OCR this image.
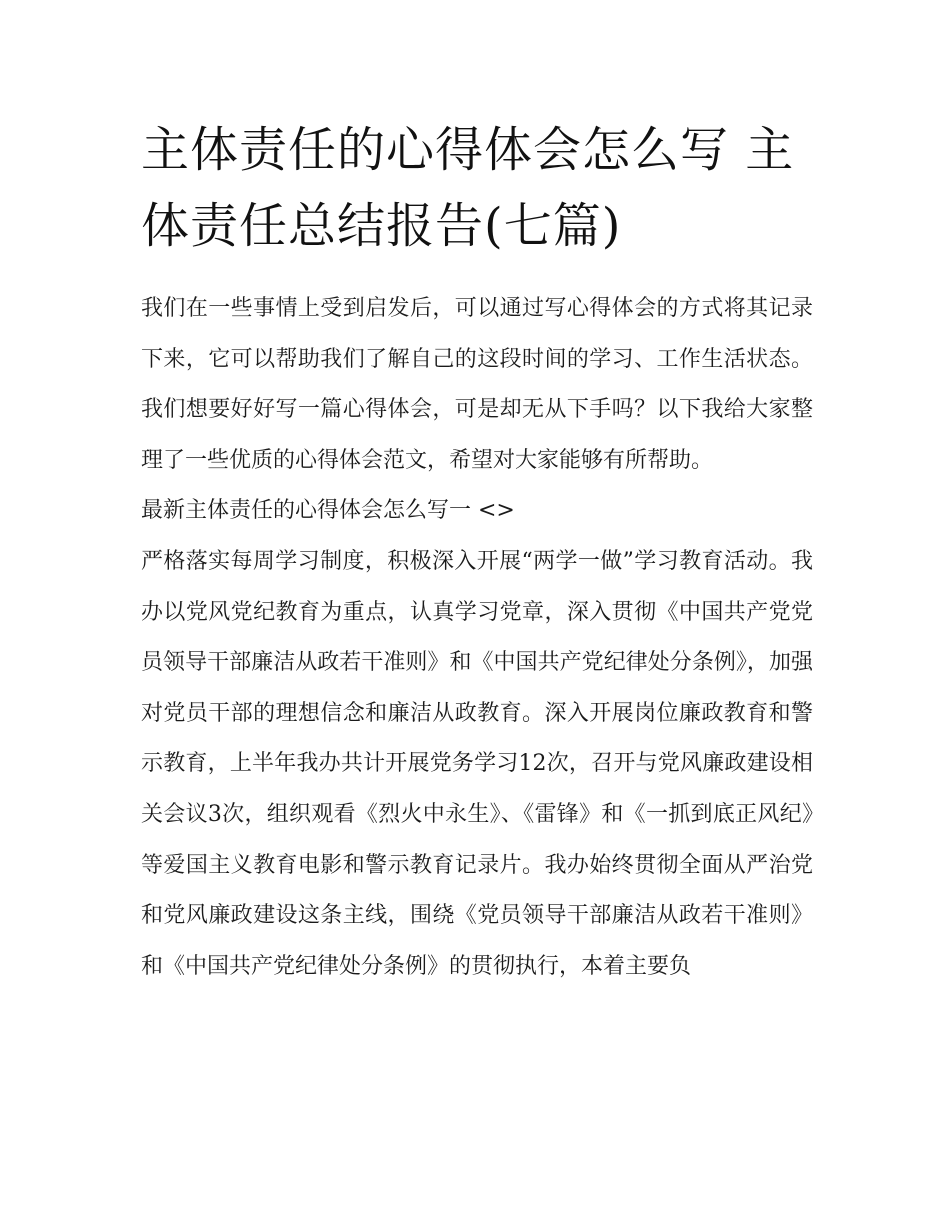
主体责任的心得体会怎么写 主体责任总结报告(七篇)

我们在一些事情上受到启发后，可以通过写心得体会的方式将其记录下来，它可以帮助我们了解自己的这段时间的学习、工作生活状态。我们想要好好写一篇心得体会，可是却无从下手吗？以下我给大家整理了一些优质的心得体会范文，希望对大家能够有所帮助。

最新主体责任的心得体会怎么写一 <>

严格落实每周学习制度，积极深入开展“两学一做”学习教育活动。我办以党风党纪教育为重点，认真学习党章，深入贯彻《中国共产党党员领导干部廉洁从政若干准则》和《中国共产党纪律处分条例》，加强对党员干部的理想信念和廉洁从政教育。深入开展岗位廉政教育和警示教育，上半年我办共计开展党务学习12次，召开与党风廉政建设相关会议3次，组织观看《烈火中永生》、《雷锋》和《一抓到底正风纪》等爱国主义教育电影和警示教育记录片。我办始终贯彻全面从严治党和党风廉政建设这条主线，围绕《党员领导干部廉洁从政若干准则》和《中国共产党纪律处分条例》的贯彻执行，本着主要负
